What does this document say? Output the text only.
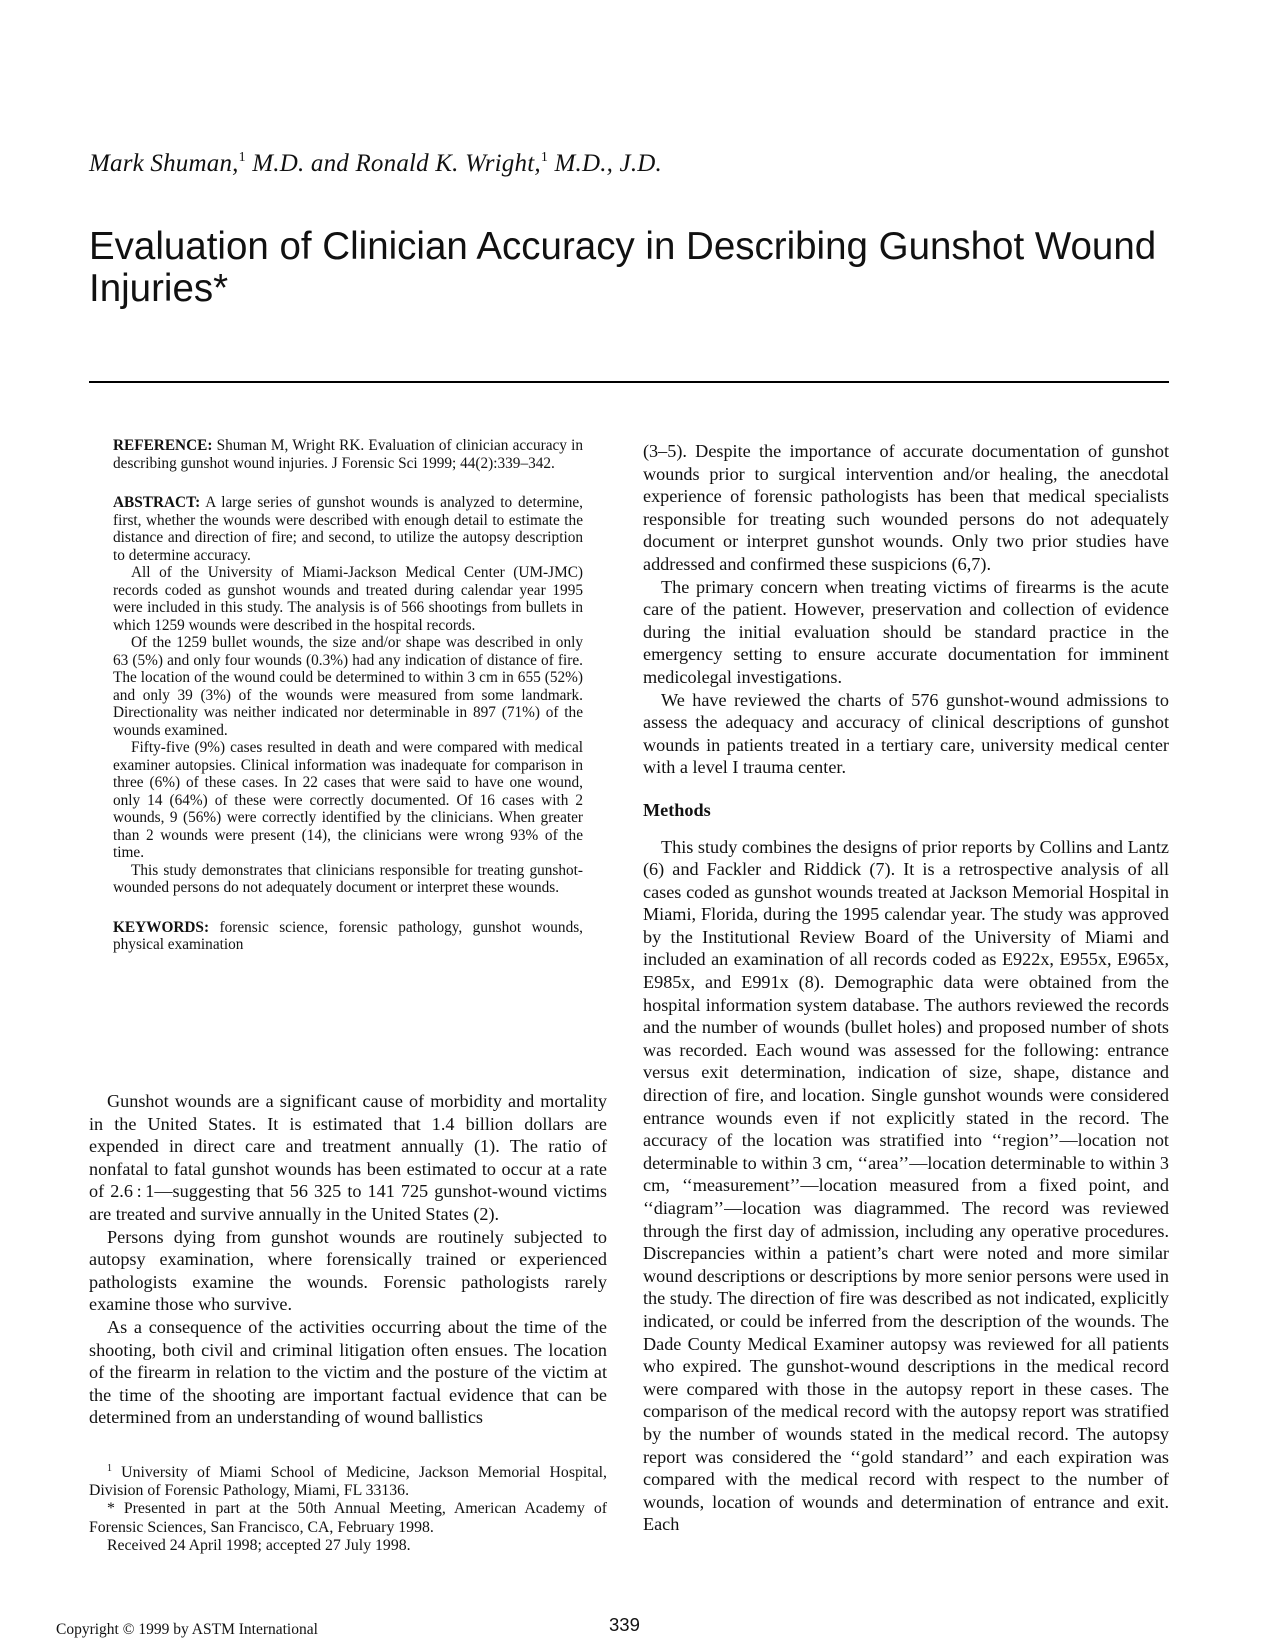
Mark Shuman,$^1$ M.D. and Ronald K. Wright,$^1$ M.D., J.D.
Evaluation of Clinician Accuracy in Describing Gunshot Wound Injuries*

REFERENCE: Shuman M, Wright RK. Evaluation of clinician accuracy in describing gunshot wound injuries. J Forensic Sci 1999; 44(2):339–342.

ABSTRACT: A large series of gunshot wounds is analyzed to determine, first, whether the wounds were described with enough detail to estimate the distance and direction of fire; and second, to utilize the autopsy description to determine accuracy.

All of the University of Miami-Jackson Medical Center (UM-JMC) records coded as gunshot wounds and treated during calendar year 1995 were included in this study. The analysis is of 566 shootings from bullets in which 1259 wounds were described in the hospital records.

Of the 1259 bullet wounds, the size and/or shape was described in only 63 (5%) and only four wounds (0.3%) had any indication of distance of fire. The location of the wound could be determined to within 3 cm in 655 (52%) and only 39 (3%) of the wounds were measured from some landmark. Directionality was neither indicated nor determinable in 897 (71%) of the wounds examined.

Fifty-five (9%) cases resulted in death and were compared with medical examiner autopsies. Clinical information was inadequate for comparison in three (6%) of these cases. In 22 cases that were said to have one wound, only 14 (64%) of these were correctly documented. Of 16 cases with 2 wounds, 9 (56%) were correctly identified by the clinicians. When greater than 2 wounds were present (14), the clinicians were wrong 93% of the time.

This study demonstrates that clinicians responsible for treating gunshot-wounded persons do not adequately document or interpret these wounds.

KEYWORDS: forensic science, forensic pathology, gunshot wounds, physical examination

Gunshot wounds are a significant cause of morbidity and mortality in the United States. It is estimated that 1.4 billion dollars are expended in direct care and treatment annually (1). The ratio of nonfatal to fatal gunshot wounds has been estimated to occur at a rate of 2.6 : 1—suggesting that 56 325 to 141 725 gunshot-wound victims are treated and survive annually in the United States (2).

Persons dying from gunshot wounds are routinely subjected to autopsy examination, where forensically trained or experienced pathologists examine the wounds. Forensic pathologists rarely examine those who survive.

As a consequence of the activities occurring about the time of the shooting, both civil and criminal litigation often ensues. The location of the firearm in relation to the victim and the posture of the victim at the time of the shooting are important factual evidence that can be determined from an understanding of wound ballistics

(3–5). Despite the importance of accurate documentation of gunshot wounds prior to surgical intervention and/or healing, the anecdotal experience of forensic pathologists has been that medical specialists responsible for treating such wounded persons do not adequately document or interpret gunshot wounds. Only two prior studies have addressed and confirmed these suspicions (6,7).

The primary concern when treating victims of firearms is the acute care of the patient. However, preservation and collection of evidence during the initial evaluation should be standard practice in the emergency setting to ensure accurate documentation for imminent medicolegal investigations.

We have reviewed the charts of 576 gunshot-wound admissions to assess the adequacy and accuracy of clinical descriptions of gunshot wounds in patients treated in a tertiary care, university medical center with a level I trauma center.

Methods

This study combines the designs of prior reports by Collins and Lantz (6) and Fackler and Riddick (7). It is a retrospective analysis of all cases coded as gunshot wounds treated at Jackson Memorial Hospital in Miami, Florida, during the 1995 calendar year. The study was approved by the Institutional Review Board of the University of Miami and included an examination of all records coded as E922x, E955x, E965x, E985x, and E991x (8). Demographic data were obtained from the hospital information system database. The authors reviewed the records and the number of wounds (bullet holes) and proposed number of shots was recorded. Each wound was assessed for the following: entrance versus exit determination, indication of size, shape, distance and direction of fire, and location. Single gunshot wounds were considered entrance wounds even if not explicitly stated in the record. The accuracy of the location was stratified into ‘‘region’’—location not determinable to within 3 cm, ‘‘area’’—location determinable to within 3 cm, ‘‘measurement’’—location measured from a fixed point, and ‘‘diagram’’—location was diagrammed. The record was reviewed through the first day of admission, including any operative procedures. Discrepancies within a patient’s chart were noted and more similar wound descriptions or descriptions by more senior persons were used in the study. The direction of fire was described as not indicated, explicitly indicated, or could be inferred from the description of the wounds. The Dade County Medical Examiner autopsy was reviewed for all patients who expired. The gunshot-wound descriptions in the medical record were compared with those in the autopsy report in these cases. The comparison of the medical record with the autopsy report was stratified by the number of wounds stated in the medical record. The autopsy report was considered the ‘‘gold standard’’ and each expiration was compared with the medical record with respect to the number of wounds, location of wounds and determination of entrance and exit. Each

$^1$ University of Miami School of Medicine, Jackson Memorial Hospital, Division of Forensic Pathology, Miami, FL 33136.

* Presented in part at the 50th Annual Meeting, American Academy of Forensic Sciences, San Francisco, CA, February 1998.

Received 24 April 1998; accepted 27 July 1998.

Copyright © 1999 by ASTM International	339
